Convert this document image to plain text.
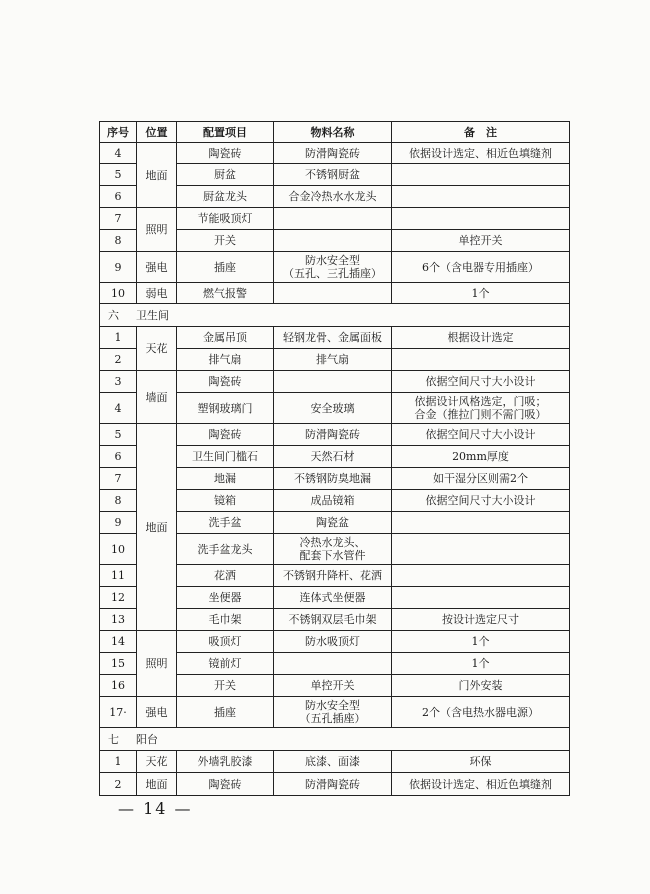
序号	位置	配置项目	物料名称	备　注
4	地面	陶瓷砖	防滑陶瓷砖	依据设计选定、相近色填缝剂
5		厨盆	不锈钢厨盆	
6		厨盆龙头	合金冷热水水龙头	
7	照明	节能吸顶灯		
8		开关		单控开关
9	强电	插座	防水安全型
（五孔、三孔插座）	6个（含电器专用插座）
10	弱电	燃气报警		1个
六 卫生间				
1	天花	金属吊顶	轻钢龙骨、金属面板	根据设计选定
2		排气扇	排气扇	
3	墙面	陶瓷砖		依据空间尺寸大小设计
4		塑钢玻璃门	安全玻璃	依据设计风格选定，门吸；
合金（推拉门则不需门吸）
5	地面	陶瓷砖	防滑陶瓷砖	依据空间尺寸大小设计
6		卫生间门槛石	天然石材	20mm厚度
7		地漏	不锈钢防臭地漏	如干湿分区则需2个
8		镜箱	成品镜箱	依据空间尺寸大小设计
9		洗手盆	陶瓷盆	
10		洗手盆龙头	冷热水龙头、
配套下水管件	
11		花洒	不锈钢升降杆、花洒	
12		坐便器	连体式坐便器	
13		毛巾架	不锈钢双层毛巾架	按设计选定尺寸
14	照明	吸顶灯	防水吸顶灯	1个
15		镜前灯		1个
16		开关	单控开关	门外安装
17·	强电	插座	防水安全型
（五孔插座）	2个（含电热水器电源）
七 阳台				
1	天花	外墙乳胶漆	底漆、面漆	环保
2	地面	陶瓷砖	防滑陶瓷砖	依据设计选定、相近色填缝剂
— 14 —
